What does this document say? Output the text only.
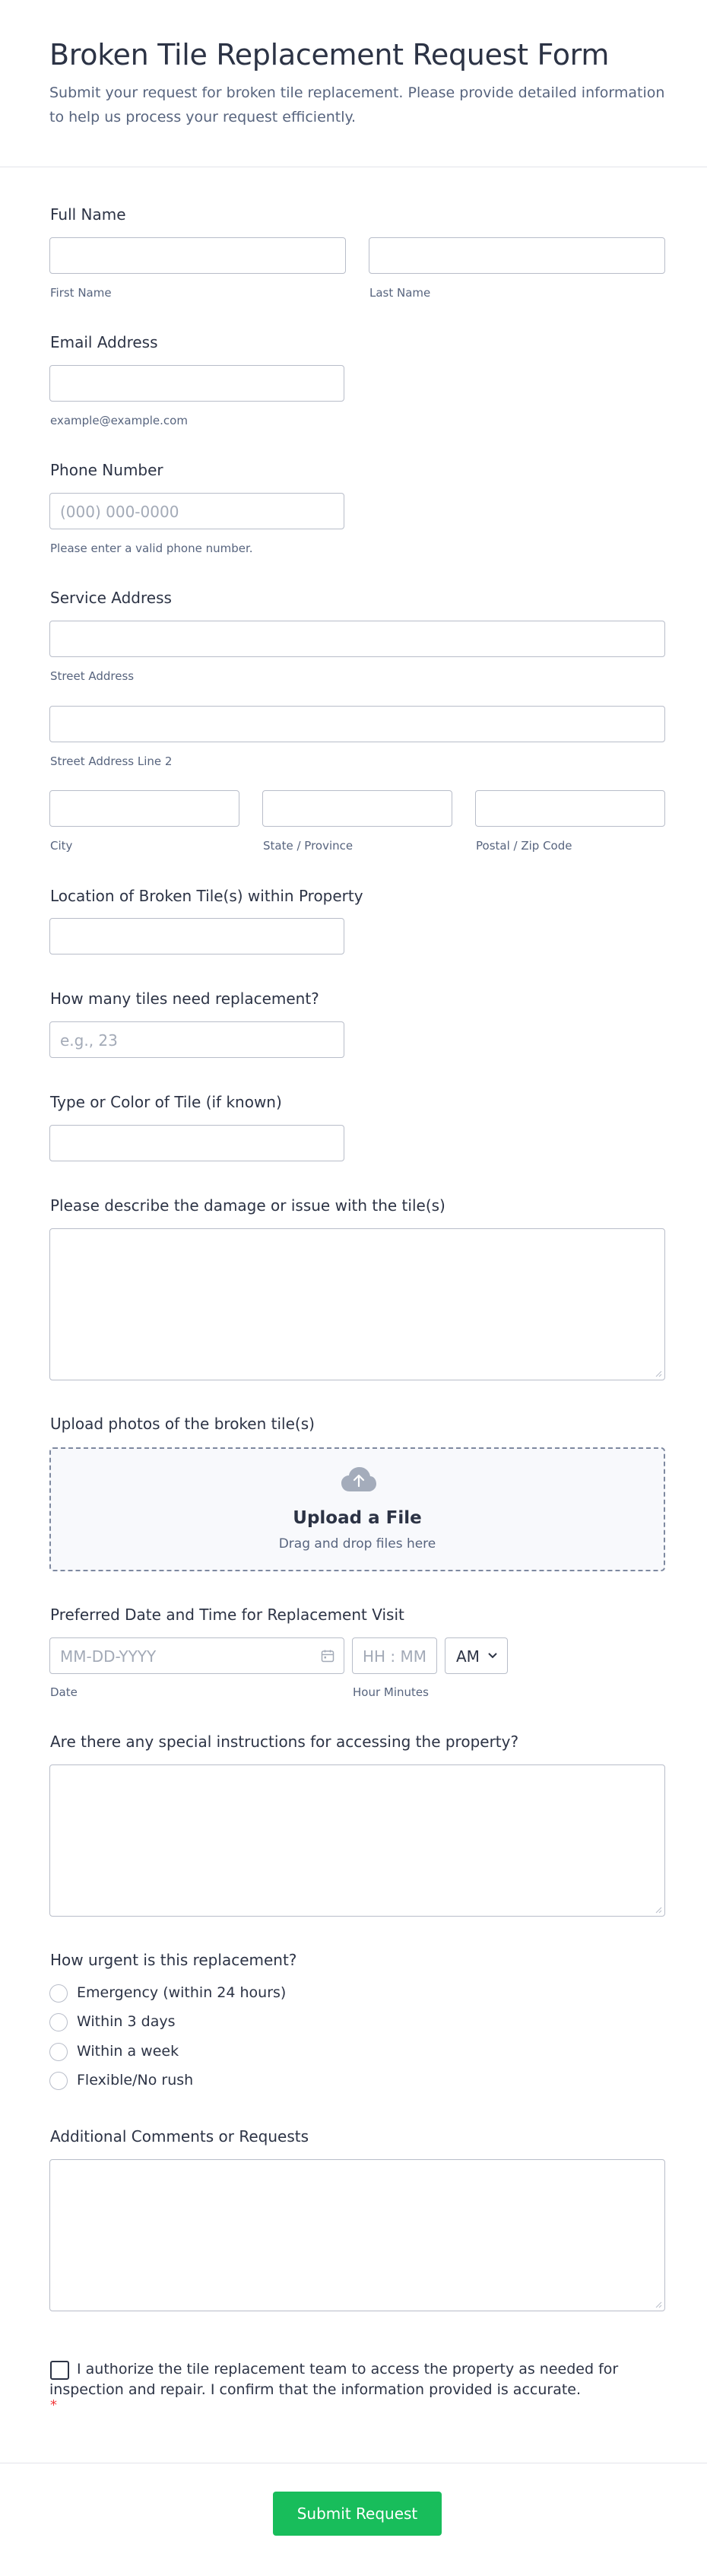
Broken Tile Replacement Request Form
Submit your request for broken tile replacement. Please provide detailed information to help us process your request efficiently.
Full Name
First Name	Last Name
Email Address
example@example.com
Phone Number
(000) 000-0000
Please enter a valid phone number.
Service Address
Street Address
Street Address Line 2
City	State / Province	Postal / Zip Code
Location of Broken Tile(s) within Property
How many tiles need replacement?
e.g., 23
Type or Color of Tile (if known)
Please describe the damage or issue with the tile(s)
Upload photos of the broken tile(s)
Upload a File
Drag and drop files here
Preferred Date and Time for Replacement Visit
MM-DD-YYYY
Date
HH : MM
Hour Minutes
AM
Are there any special instructions for accessing the property?
How urgent is this replacement?
Emergency (within 24 hours)
Within 3 days
Within a week
Flexible/No rush
Additional Comments or Requests
I authorize the tile replacement team to access the property as needed for inspection and repair. I confirm that the information provided is accurate.
*
Submit Request
